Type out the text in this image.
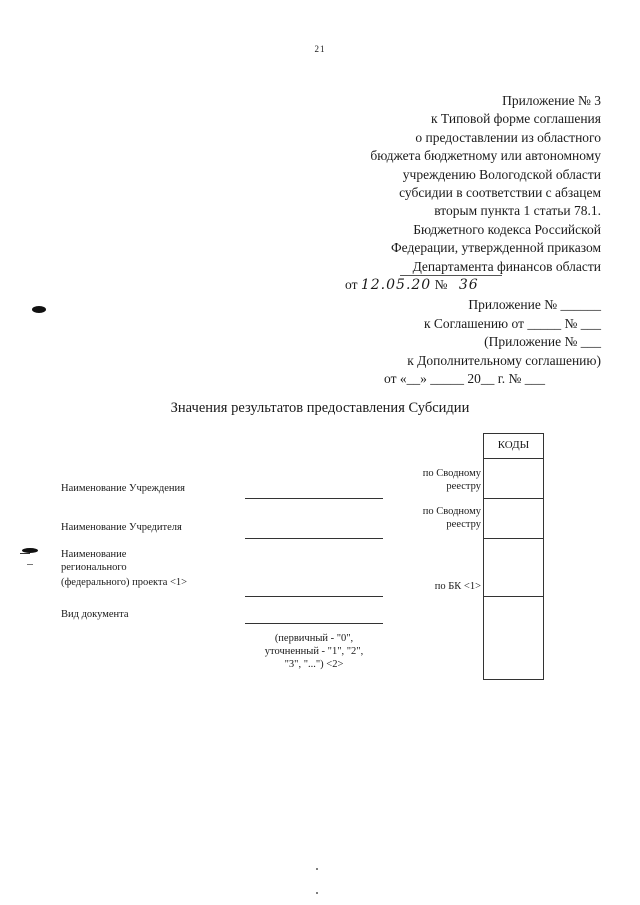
21
Приложение № 3
к Типовой форме соглашения
о предоставлении из областного
бюджета бюджетному или автономному
учреждению Вологодской области
субсидии в соответствии с абзацем
вторым пункта 1 статьи 78.1.
Бюджетного кодекса Российской
Федерации, утвержденной приказом
Департамента финансов области
от 12.05.20 № 36
Приложение № ______
к Соглашению от _____ № ___
(Приложение № ___
к Дополнительному соглашению)
от «__» _____ 20__ г. № ___
Значения результатов предоставления Субсидии
КОДЫ
Наименование Учреждения
по Сводному
реестру
Наименование Учредителя
по Сводному
реестру
Наименование
регионального
(федерального) проекта <1>	по БК <1>
Вид документа
(первичный - "0",
уточненный - "1", "2",
"3", "...") <2>
